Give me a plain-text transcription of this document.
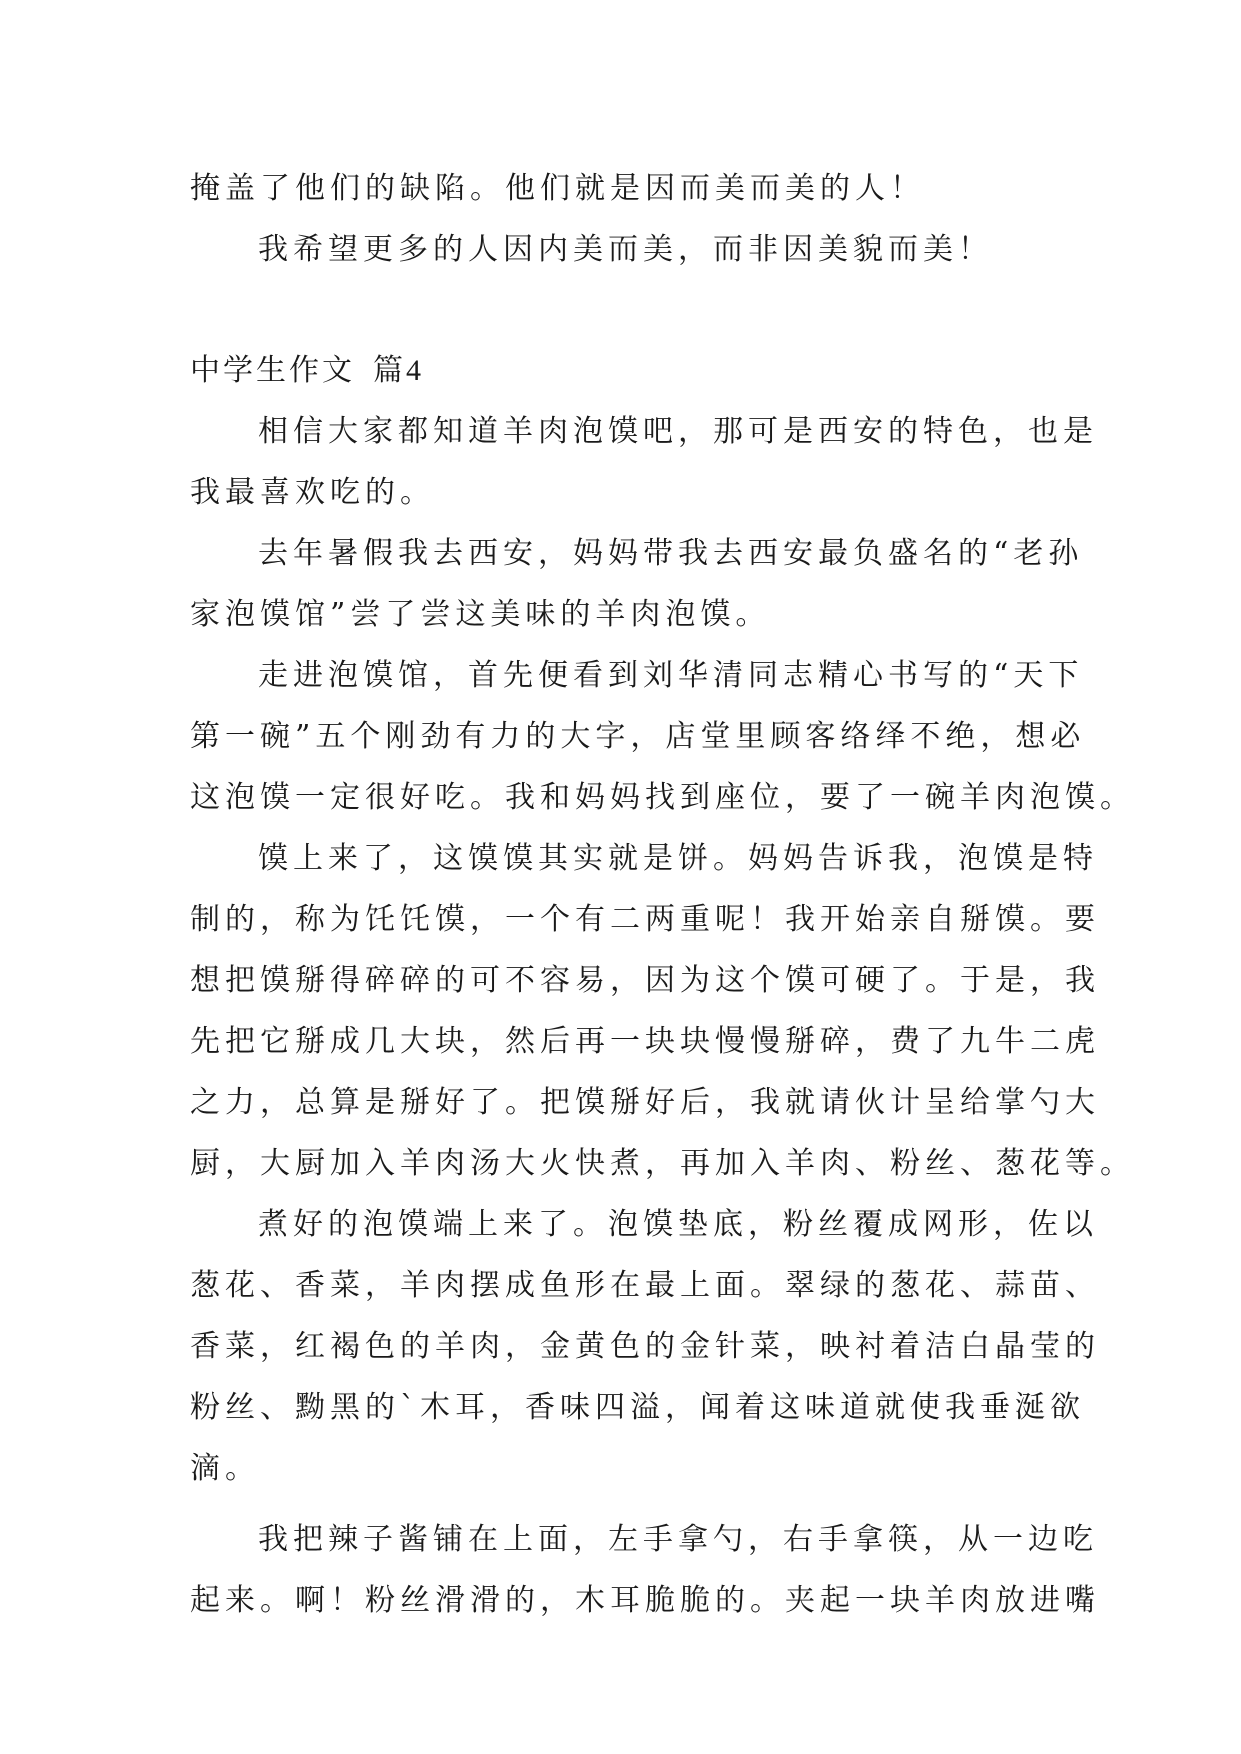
掩盖了他们的缺陷。他们就是因而美而美的人！
我希望更多的人因内美而美，而非因美貌而美！
中学生作文 篇4
相信大家都知道羊肉泡馍吧，那可是西安的特色，也是
我最喜欢吃的。
去年暑假我去西安，妈妈带我去西安最负盛名的“老孙
家泡馍馆”尝了尝这美味的羊肉泡馍。
走进泡馍馆，首先便看到刘华清同志精心书写的“天下
第一碗”五个刚劲有力的大字，店堂里顾客络绎不绝，想必
这泡馍一定很好吃。我和妈妈找到座位，要了一碗羊肉泡馍。
馍上来了，这馍馍其实就是饼。妈妈告诉我，泡馍是特
制的，称为饦饦馍，一个有二两重呢！我开始亲自掰馍。要
想把馍掰得碎碎的可不容易，因为这个馍可硬了。于是，我
先把它掰成几大块，然后再一块块慢慢掰碎，费了九牛二虎
之力，总算是掰好了。把馍掰好后，我就请伙计呈给掌勺大
厨，大厨加入羊肉汤大火快煮，再加入羊肉、粉丝、葱花等。
煮好的泡馍端上来了。泡馍垫底，粉丝覆成网形，佐以
葱花、香菜，羊肉摆成鱼形在最上面。翠绿的葱花、蒜苗、
香菜，红褐色的羊肉，金黄色的金针菜，映衬着洁白晶莹的
粉丝、黝黑的`木耳，香味四溢，闻着这味道就使我垂涎欲
滴。
我把辣子酱铺在上面，左手拿勺，右手拿筷，从一边吃
起来。啊！粉丝滑滑的，木耳脆脆的。夹起一块羊肉放进嘴
